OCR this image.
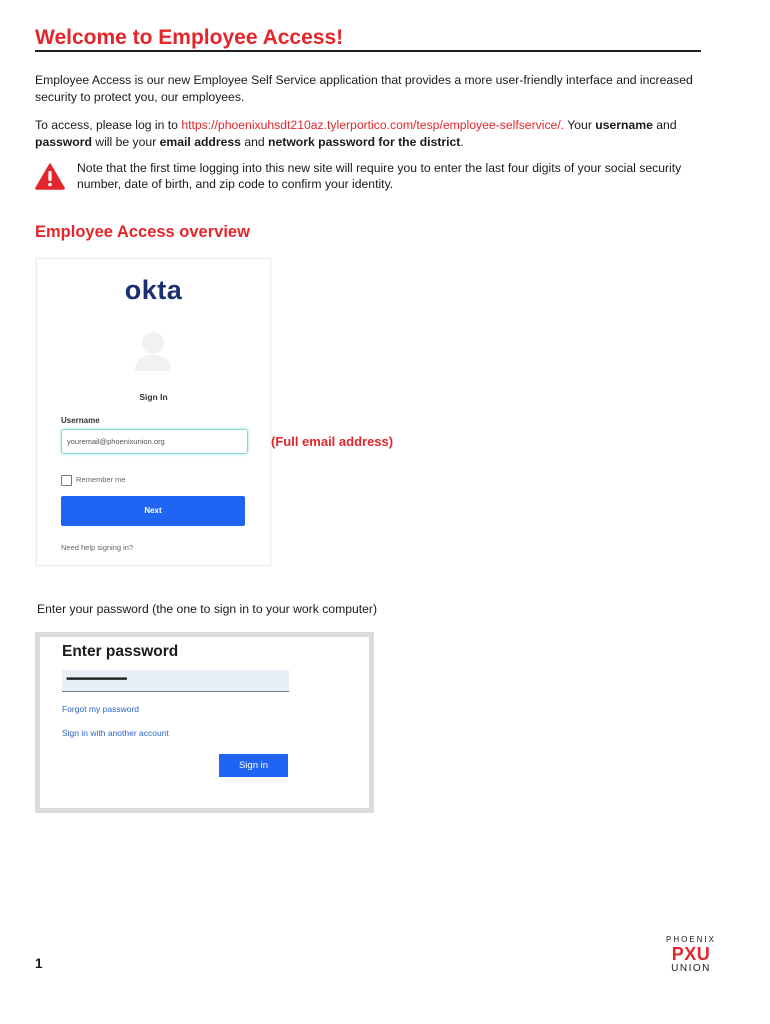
Welcome to Employee Access!

Employee Access is our new Employee Self Service application that provides a more user-friendly interface and increased security to protect you, our employees.

To access, please log in to https://phoenixuhsdt210az.tylerportico.com/tesp/employee-selfservice/. Your username and password will be your email address and network password for the district.

Note that the first time logging into this new site will require you to enter the last four digits of your social security number, date of birth, and zip code to confirm your identity.

Employee Access overview
okta
Sign In
Username
youremail@phoenixunion.org
Remember me
Next
Need help signing in?
(Full email address)
Enter your password (the one to sign in to your work computer)
Enter password
••••••••••••••••••••••••••••••
Forgot my password
Sign in with another account
Sign in
1
PHOENIX
PXU
UNION
